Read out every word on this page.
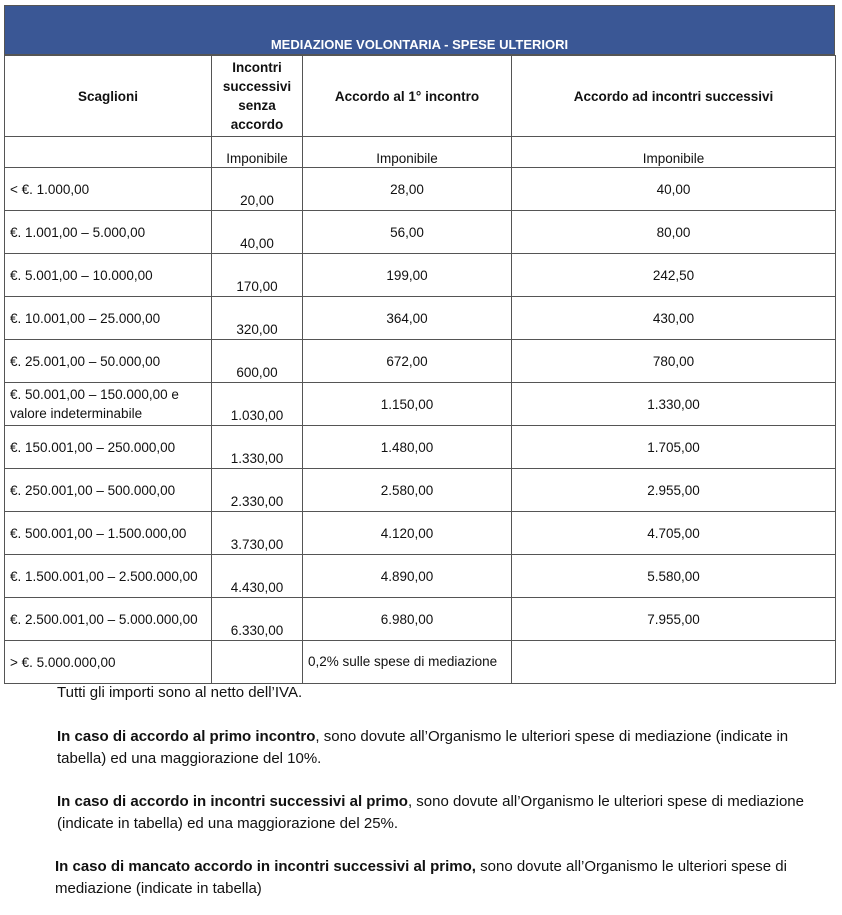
MEDIAZIONE VOLONTARIA - SPESE ULTERIORI
Scaglioni	Incontri successivi senza accordo	Accordo al 1° incontro	Accordo ad incontri successivi
	Imponibile	Imponibile	Imponibile
< €. 1.000,00	20,00	28,00	40,00
€. 1.001,00 – 5.000,00	40,00	56,00	80,00
€. 5.001,00 – 10.000,00	170,00	199,00	242,50
€. 10.001,00 – 25.000,00	320,00	364,00	430,00
€. 25.001,00 – 50.000,00	600,00	672,00	780,00
€. 50.001,00 – 150.000,00 e valore indeterminabile	1.030,00	1.150,00	1.330,00
€. 150.001,00 – 250.000,00	1.330,00	1.480,00	1.705,00
€. 250.001,00 – 500.000,00	2.330,00	2.580,00	2.955,00
€. 500.001,00 – 1.500.000,00	3.730,00	4.120,00	4.705,00
€. 1.500.001,00 – 2.500.000,00	4.430,00	4.890,00	5.580,00
€. 2.500.001,00 – 5.000.000,00	6.330,00	6.980,00	7.955,00
> €. 5.000.000,00		0,2% sulle spese di mediazione	

Tutti gli importi sono al netto dell’IVA.

In caso di accordo al primo incontro, sono dovute all’Organismo le ulteriori spese di mediazione (indicate in tabella) ed una maggiorazione del 10%.

In caso di accordo in incontri successivi al primo, sono dovute all’Organismo le ulteriori spese di mediazione (indicate in tabella) ed una maggiorazione del 25%.

In caso di mancato accordo in incontri successivi al primo, sono dovute all’Organismo le ulteriori spese di mediazione (indicate in tabella)
